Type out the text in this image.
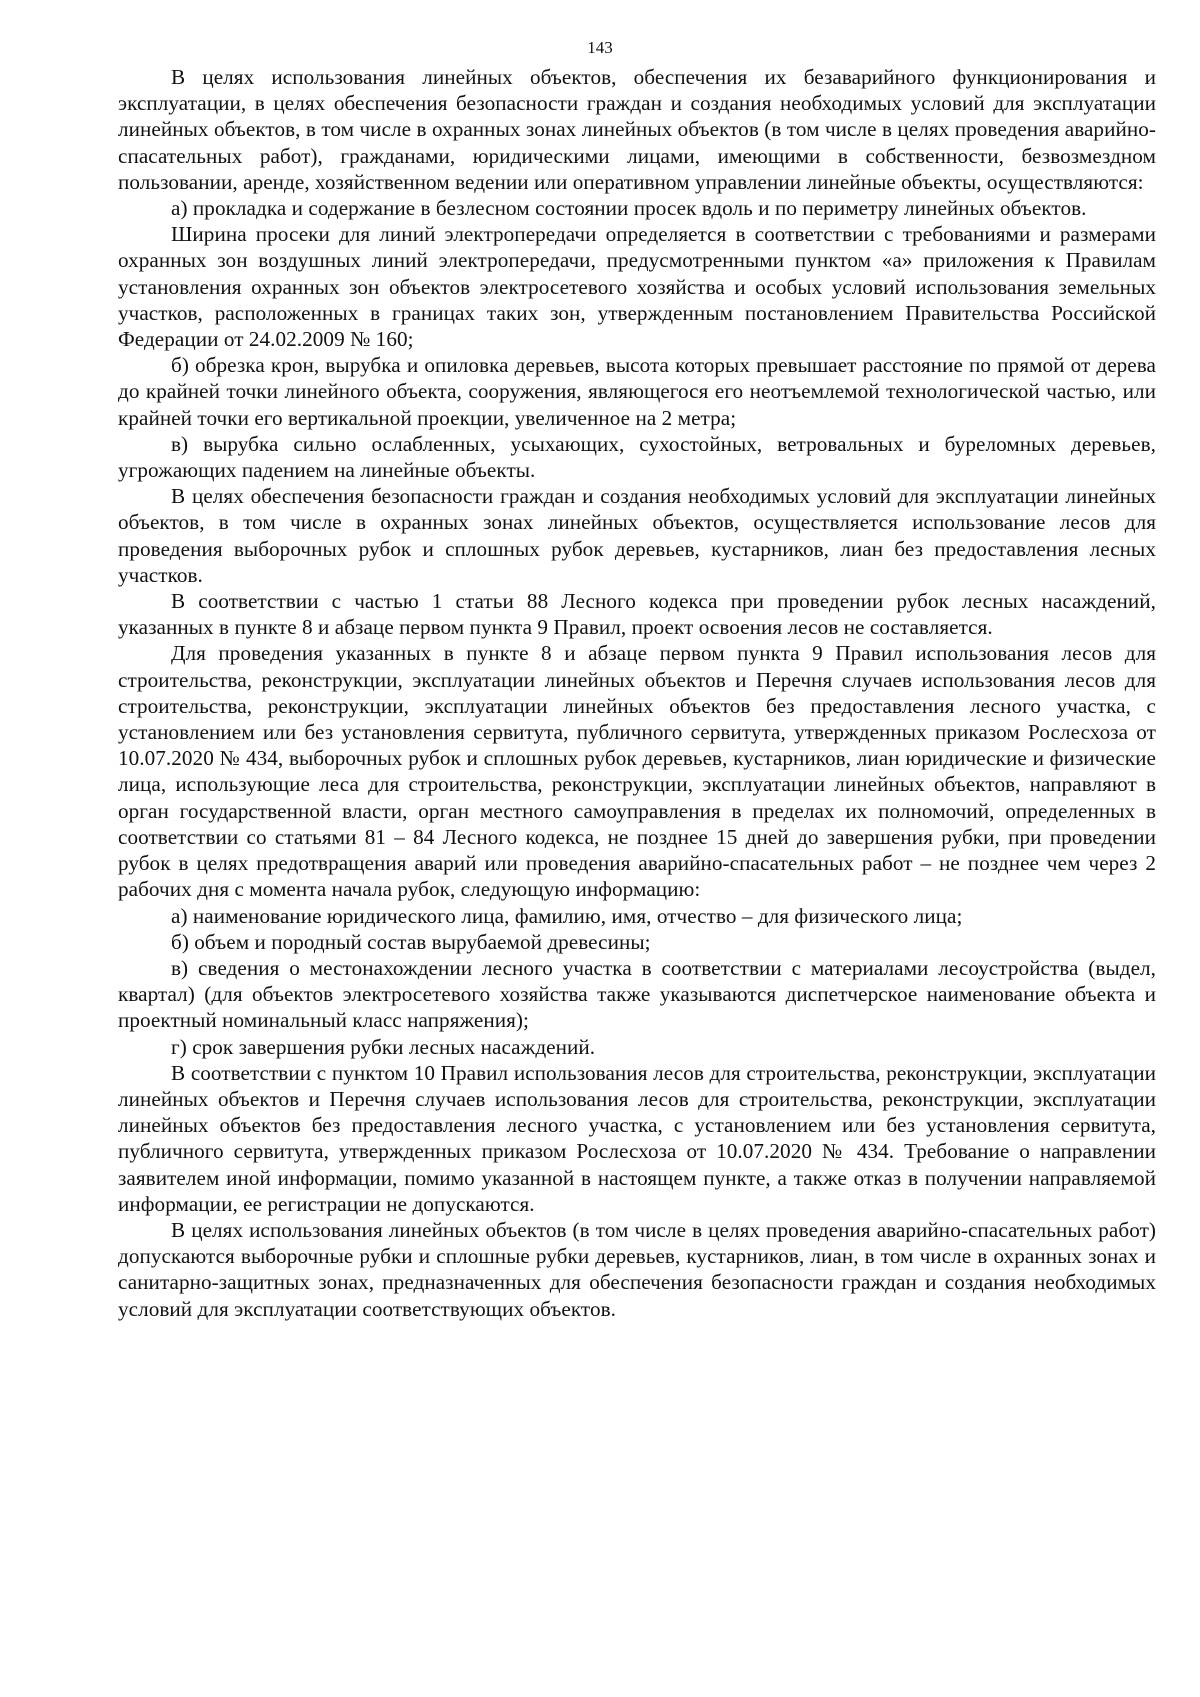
143

В целях использования линейных объектов, обеспечения их безаварийного функционирования и эксплуатации, в целях обеспечения безопасности граждан и создания необходимых условий для эксплуатации линейных объектов, в том числе в охранных зонах линейных объектов (в том числе в целях проведения аварийно-спасательных работ), гражданами, юридическими лицами, имеющими в собственности, безвозмездном пользовании, аренде, хозяйственном ведении или оперативном управлении линейные объекты, осуществляются:

а) прокладка и содержание в безлесном состоянии просек вдоль и по периметру линейных объектов.

Ширина просеки для линий электропередачи определяется в соответствии с требованиями и размерами охранных зон воздушных линий электропередачи, предусмотренными пунктом «а» приложения к Правилам установления охранных зон объектов электросетевого хозяйства и особых условий использования земельных участков, расположенных в границах таких зон, утвержденным постановлением Правительства Российской Федерации от 24.02.2009 № 160;

б) обрезка крон, вырубка и опиловка деревьев, высота которых превышает расстояние по прямой от дерева до крайней точки линейного объекта, сооружения, являющегося его неотъемлемой технологической частью, или крайней точки его вертикальной проекции, увеличенное на 2 метра;

в) вырубка сильно ослабленных, усыхающих, сухостойных, ветровальных и буреломных деревьев, угрожающих падением на линейные объекты.

В целях обеспечения безопасности граждан и создания необходимых условий для эксплуатации линейных объектов, в том числе в охранных зонах линейных объектов, осуществляется использование лесов для проведения выборочных рубок и сплошных рубок деревьев, кустарников, лиан без предоставления лесных участков.

В соответствии с частью 1 статьи 88 Лесного кодекса при проведении рубок лесных насаждений, указанных в пункте 8 и абзаце первом пункта 9 Правил, проект освоения лесов не составляется.

Для проведения указанных в пункте 8 и абзаце первом пункта 9 Правил использования лесов для строительства, реконструкции, эксплуатации линейных объектов и Перечня случаев использования лесов для строительства, реконструкции, эксплуатации линейных объектов без предоставления лесного участка, с установлением или без установления сервитута, публичного сервитута, утвержденных приказом Рослесхоза от 10.07.2020 № 434, выборочных рубок и сплошных рубок деревьев, кустарников, лиан юридические и физические лица, использующие леса для строительства, реконструкции, эксплуатации линейных объектов, направляют в орган государственной власти, орган местного самоуправления в пределах их полномочий, определенных в соответствии со статьями 81 – 84 Лесного кодекса, не позднее 15 дней до завершения рубки, при проведении рубок в целях предотвращения аварий или проведения аварийно-спасательных работ – не позднее чем через 2 рабочих дня с момента начала рубок, следующую информацию:

а) наименование юридического лица, фамилию, имя, отчество – для физического лица;

б) объем и породный состав вырубаемой древесины;

в) сведения о местонахождении лесного участка в соответствии с материалами лесоустройства (выдел, квартал) (для объектов электросетевого хозяйства также указываются диспетчерское наименование объекта и проектный номинальный класс напряжения);

г) срок завершения рубки лесных насаждений.

В соответствии с пунктом 10 Правил использования лесов для строительства, реконструкции, эксплуатации линейных объектов и Перечня случаев использования лесов для строительства, реконструкции, эксплуатации линейных объектов без предоставления лесного участка, с установлением или без установления сервитута, публичного сервитута, утвержденных приказом Рослесхоза от 10.07.2020 № 434. Требование о направлении заявителем иной информации, помимо указанной в настоящем пункте, а также отказ в получении направляемой информации, ее регистрации не допускаются.

В целях использования линейных объектов (в том числе в целях проведения аварийно-спасательных работ) допускаются выборочные рубки и сплошные рубки деревьев, кустарников, лиан, в том числе в охранных зонах и санитарно-защитных зонах, предназначенных для обеспечения безопасности граждан и создания необходимых условий для эксплуатации соответствующих объектов.
